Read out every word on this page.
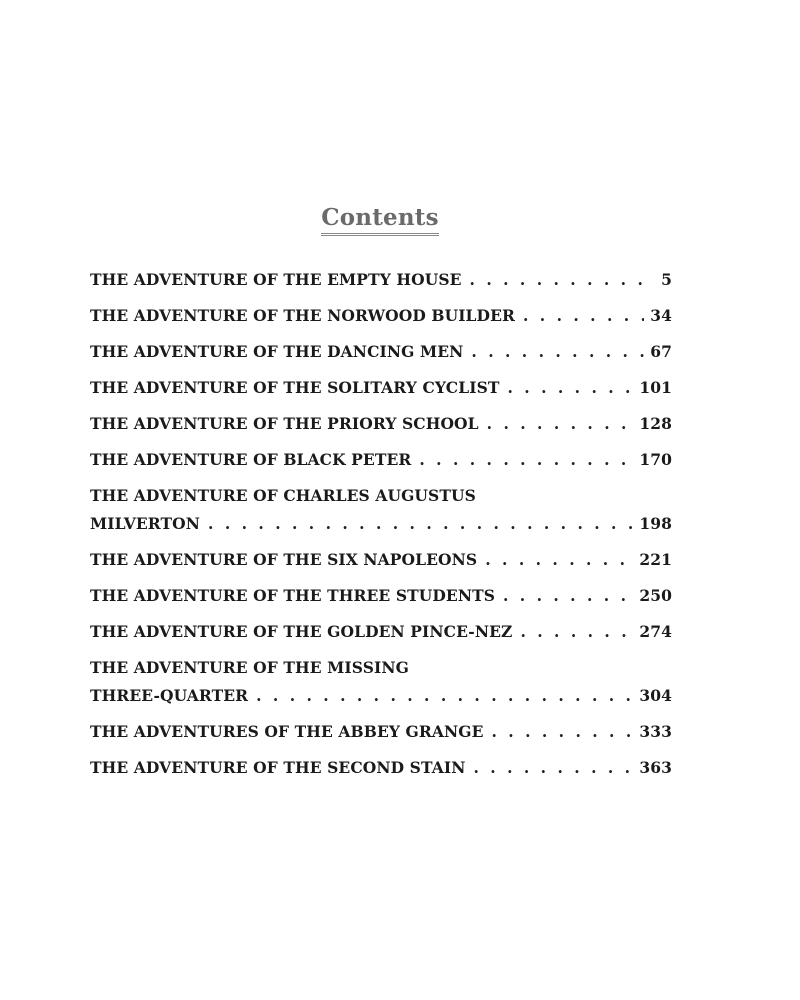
Contents
THE ADVENTURE OF THE EMPTY HOUSE . . .	5
THE ADVENTURE OF THE NORWOOD BUILDER . . .	34
THE ADVENTURE OF THE DANCING MEN . . .	67
THE ADVENTURE OF THE SOLITARY CYCLIST . . .	101
THE ADVENTURE OF THE PRIORY SCHOOL . . .	128
THE ADVENTURE OF BLACK PETER . . .	170
THE ADVENTURE OF CHARLES AUGUSTUS
MILVERTON . . .	198
THE ADVENTURE OF THE SIX NAPOLEONS . . .	221
THE ADVENTURE OF THE THREE STUDENTS . . .	250
THE ADVENTURE OF THE GOLDEN PINCE-NEZ . . .	274
THE ADVENTURE OF THE MISSING
THREE-QUARTER . . .	304
THE ADVENTURES OF THE ABBEY GRANGE . . .	333
THE ADVENTURE OF THE SECOND STAIN . . .	363
